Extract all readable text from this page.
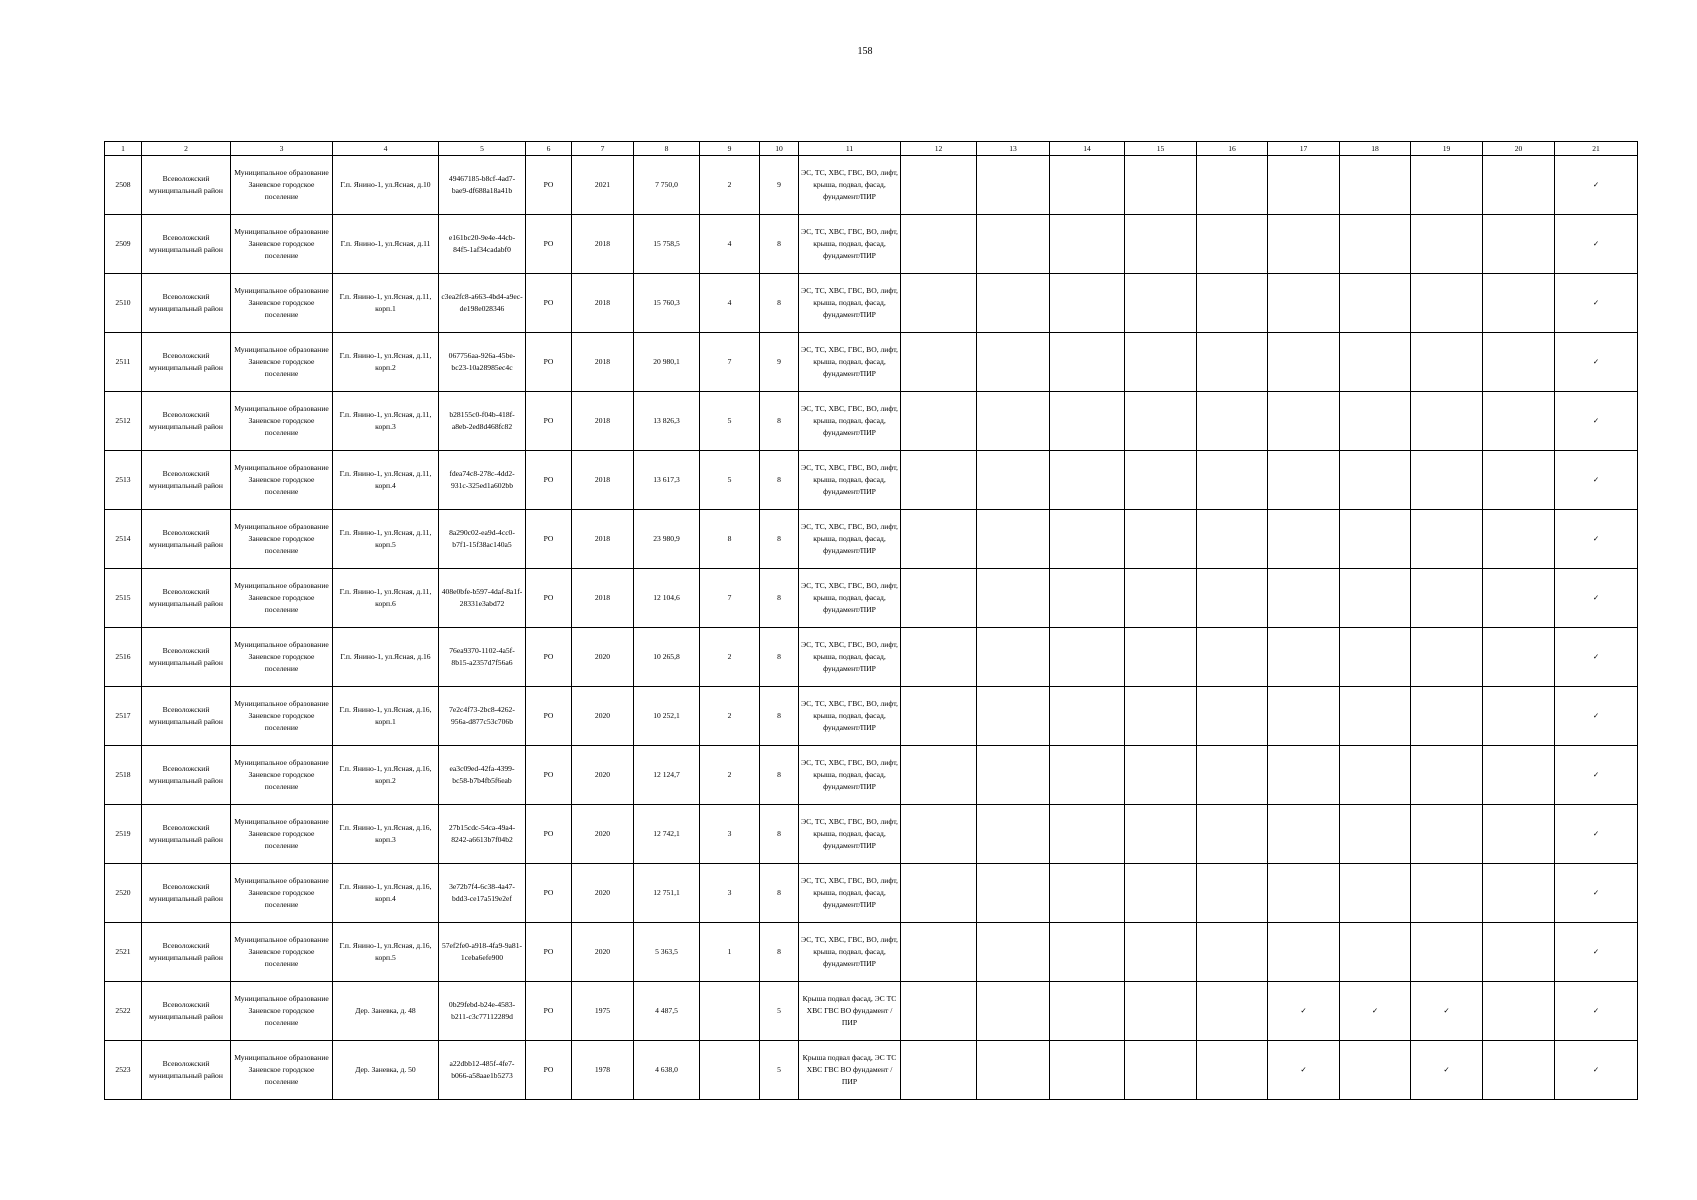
158
1	2	3	4	5	6	7	8	9	10	11	12	13	14	15	16	17	18	19	20	21
2508	Всеволожский муниципальный район	Муниципальное образование Заневское городское поселение	Г.п. Янино-1, ул.Ясная, д.10	49467185-b8cf-4ad7-bae9-df688a18a41b	РО	2021	7 750,0	2	9	ЭС, ТС, ХВС, ГВС, ВО, лифт, крыша, подвал, фасад, фундамент/ПИР										✓
2509	Всеволожский муниципальный район	Муниципальное образование Заневское городское поселение	Г.п. Янино-1, ул.Ясная, д.11	e161bc20-9e4e-44cb-84f5-1af34cadabf0	РО	2018	15 758,5	4	8	ЭС, ТС, ХВС, ГВС, ВО, лифт, крыша, подвал, фасад, фундамент/ПИР										✓
2510	Всеволожский муниципальный район	Муниципальное образование Заневское городское поселение	Г.п. Янино-1, ул.Ясная, д.11, корп.1	c3ea2fc8-a663-4bd4-a9ec-de198e028346	РО	2018	15 760,3	4	8	ЭС, ТС, ХВС, ГВС, ВО, лифт, крыша, подвал, фасад, фундамент/ПИР										✓
2511	Всеволожский муниципальный район	Муниципальное образование Заневское городское поселение	Г.п. Янино-1, ул.Ясная, д.11, корп.2	067756aa-926a-45be-bc23-10a28985ec4c	РО	2018	20 980,1	7	9	ЭС, ТС, ХВС, ГВС, ВО, лифт, крыша, подвал, фасад, фундамент/ПИР										✓
2512	Всеволожский муниципальный район	Муниципальное образование Заневское городское поселение	Г.п. Янино-1, ул.Ясная, д.11, корп.3	b28155c0-f04b-418f-a8eb-2ed8d468fc82	РО	2018	13 826,3	5	8	ЭС, ТС, ХВС, ГВС, ВО, лифт, крыша, подвал, фасад, фундамент/ПИР										✓
2513	Всеволожский муниципальный район	Муниципальное образование Заневское городское поселение	Г.п. Янино-1, ул.Ясная, д.11, корп.4	fdea74c8-278c-4dd2-931c-325ed1a602bb	РО	2018	13 617,3	5	8	ЭС, ТС, ХВС, ГВС, ВО, лифт, крыша, подвал, фасад, фундамент/ПИР										✓
2514	Всеволожский муниципальный район	Муниципальное образование Заневское городское поселение	Г.п. Янино-1, ул.Ясная, д.11, корп.5	8a290c02-ea9d-4cc0-b7f1-15f38ac140a5	РО	2018	23 980,9	8	8	ЭС, ТС, ХВС, ГВС, ВО, лифт, крыша, подвал, фасад, фундамент/ПИР										✓
2515	Всеволожский муниципальный район	Муниципальное образование Заневское городское поселение	Г.п. Янино-1, ул.Ясная, д.11, корп.6	408e0bfe-b597-4daf-8a1f-28331e3abd72	РО	2018	12 104,6	7	8	ЭС, ТС, ХВС, ГВС, ВО, лифт, крыша, подвал, фасад, фундамент/ПИР										✓
2516	Всеволожский муниципальный район	Муниципальное образование Заневское городское поселение	Г.п. Янино-1, ул.Ясная, д.16	76ea9370-1102-4a5f-8b15-a2357d7f56a6	РО	2020	10 265,8	2	8	ЭС, ТС, ХВС, ГВС, ВО, лифт, крыша, подвал, фасад, фундамент/ПИР										✓
2517	Всеволожский муниципальный район	Муниципальное образование Заневское городское поселение	Г.п. Янино-1, ул.Ясная, д.16, корп.1	7e2c4f73-2bc8-4262-956a-d877c53c706b	РО	2020	10 252,1	2	8	ЭС, ТС, ХВС, ГВС, ВО, лифт, крыша, подвал, фасад, фундамент/ПИР										✓
2518	Всеволожский муниципальный район	Муниципальное образование Заневское городское поселение	Г.п. Янино-1, ул.Ясная, д.16, корп.2	ea3c09ed-42fa-4399-bc58-b7b4fb5f6eab	РО	2020	12 124,7	2	8	ЭС, ТС, ХВС, ГВС, ВО, лифт, крыша, подвал, фасад, фундамент/ПИР										✓
2519	Всеволожский муниципальный район	Муниципальное образование Заневское городское поселение	Г.п. Янино-1, ул.Ясная, д.16, корп.3	27b15cdc-54ca-49a4-8242-a6613b7f04b2	РО	2020	12 742,1	3	8	ЭС, ТС, ХВС, ГВС, ВО, лифт, крыша, подвал, фасад, фундамент/ПИР										✓
2520	Всеволожский муниципальный район	Муниципальное образование Заневское городское поселение	Г.п. Янино-1, ул.Ясная, д.16, корп.4	3e72b7f4-6c38-4a47-bdd3-ce17a519e2ef	РО	2020	12 751,1	3	8	ЭС, ТС, ХВС, ГВС, ВО, лифт, крыша, подвал, фасад, фундамент/ПИР										✓
2521	Всеволожский муниципальный район	Муниципальное образование Заневское городское поселение	Г.п. Янино-1, ул.Ясная, д.16, корп.5	57ef2fe0-a918-4fa9-9a81-1ceba6efe900	РО	2020	5 363,5	1	8	ЭС, ТС, ХВС, ГВС, ВО, лифт, крыша, подвал, фасад, фундамент/ПИР										✓
2522	Всеволожский муниципальный район	Муниципальное образование Заневское городское поселение	Дер. Заневка, д. 48	0b29febd-b24e-4583-b211-c3c77112289d	РО	1975	4 487,5		5	Крыша подвал фасад, ЭС ТС ХВС ГВС ВО фундамент /ПИР						✓	✓	✓		✓
2523	Всеволожский муниципальный район	Муниципальное образование Заневское городское поселение	Дер. Заневка, д. 50	a22dbb12-485f-4fe7-b066-a58aae1b5273	РО	1978	4 638,0		5	Крыша подвал фасад, ЭС ТС ХВС ГВС ВО фундамент /ПИР						✓		✓		✓
